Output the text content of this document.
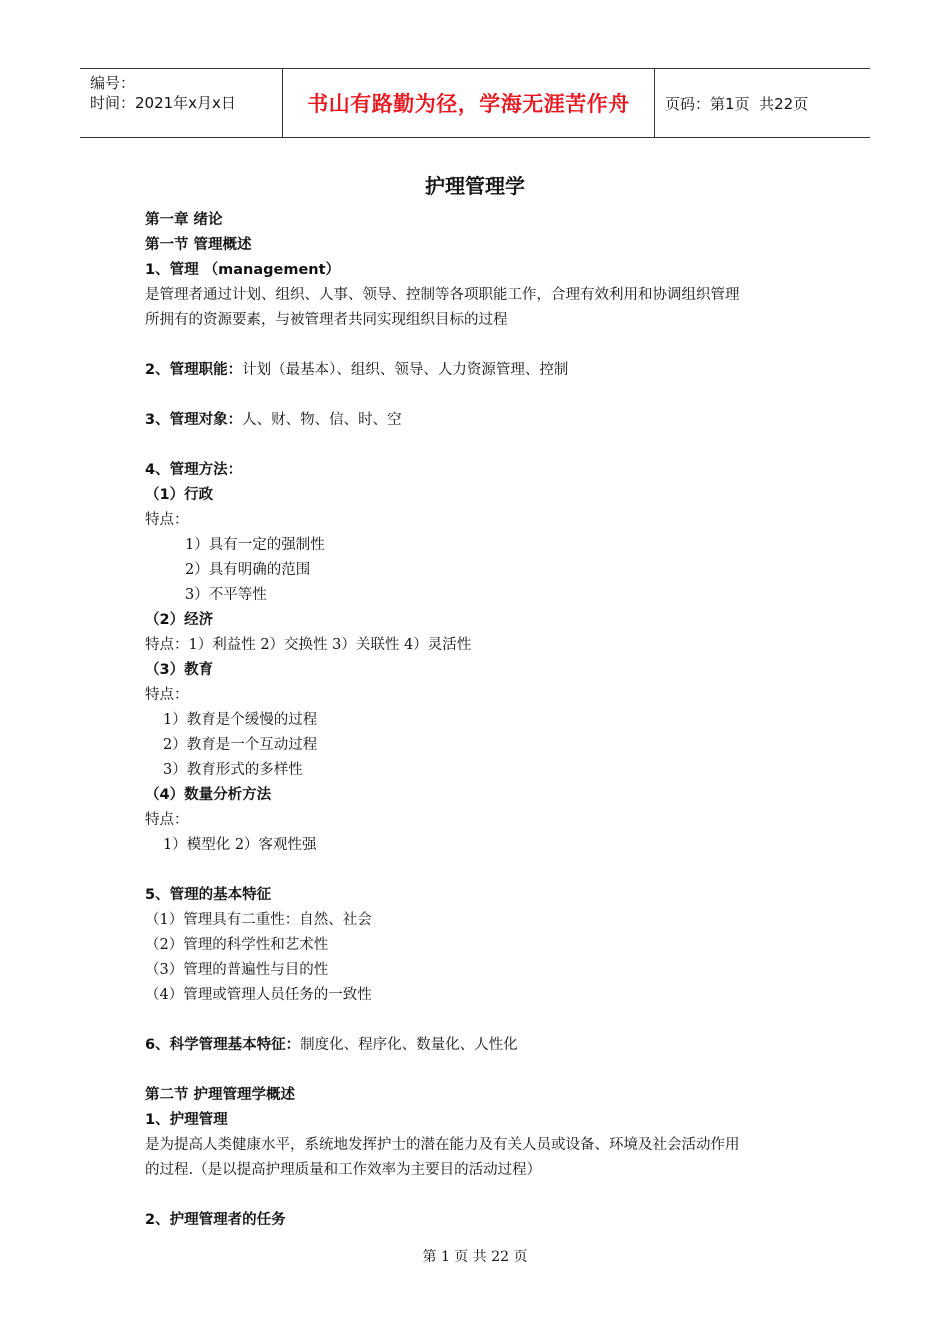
编号：
时间：2021年x月x日	书山有路勤为径，学海无涯苦作舟	页码：第1页  共22页
护理管理学
第一章 绪论
第一节 管理概述
1、管理 （management）
是管理者通过计划、组织、人事、领导、控制等各项职能工作，合理有效利用和协调组织管理
所拥有的资源要素，与被管理者共同实现组织目标的过程
2、管理职能：计划（最基本）、组织、领导、人力资源管理、控制
3、管理对象：人、财、物、信、时、空
4、管理方法：
（1）行政
特点：
1）具有一定的强制性
2）具有明确的范围
3）不平等性
（2）经济
特点：1）利益性 2）交换性 3）关联性 4）灵活性
（3）教育
特点：
1）教育是个缓慢的过程
2）教育是一个互动过程
3）教育形式的多样性
（4）数量分析方法
特点：
1）模型化 2）客观性强
5、管理的基本特征
（1）管理具有二重性：自然、社会
（2）管理的科学性和艺术性
（3）管理的普遍性与目的性
（4）管理或管理人员任务的一致性
6、科学管理基本特征：制度化、程序化、数量化、人性化
第二节 护理管理学概述
1、护理管理
是为提高人类健康水平，系统地发挥护士的潜在能力及有关人员或设备、环境及社会活动作用
的过程.（是以提高护理质量和工作效率为主要目的活动过程）
2、护理管理者的任务
第 1 页 共 22 页
